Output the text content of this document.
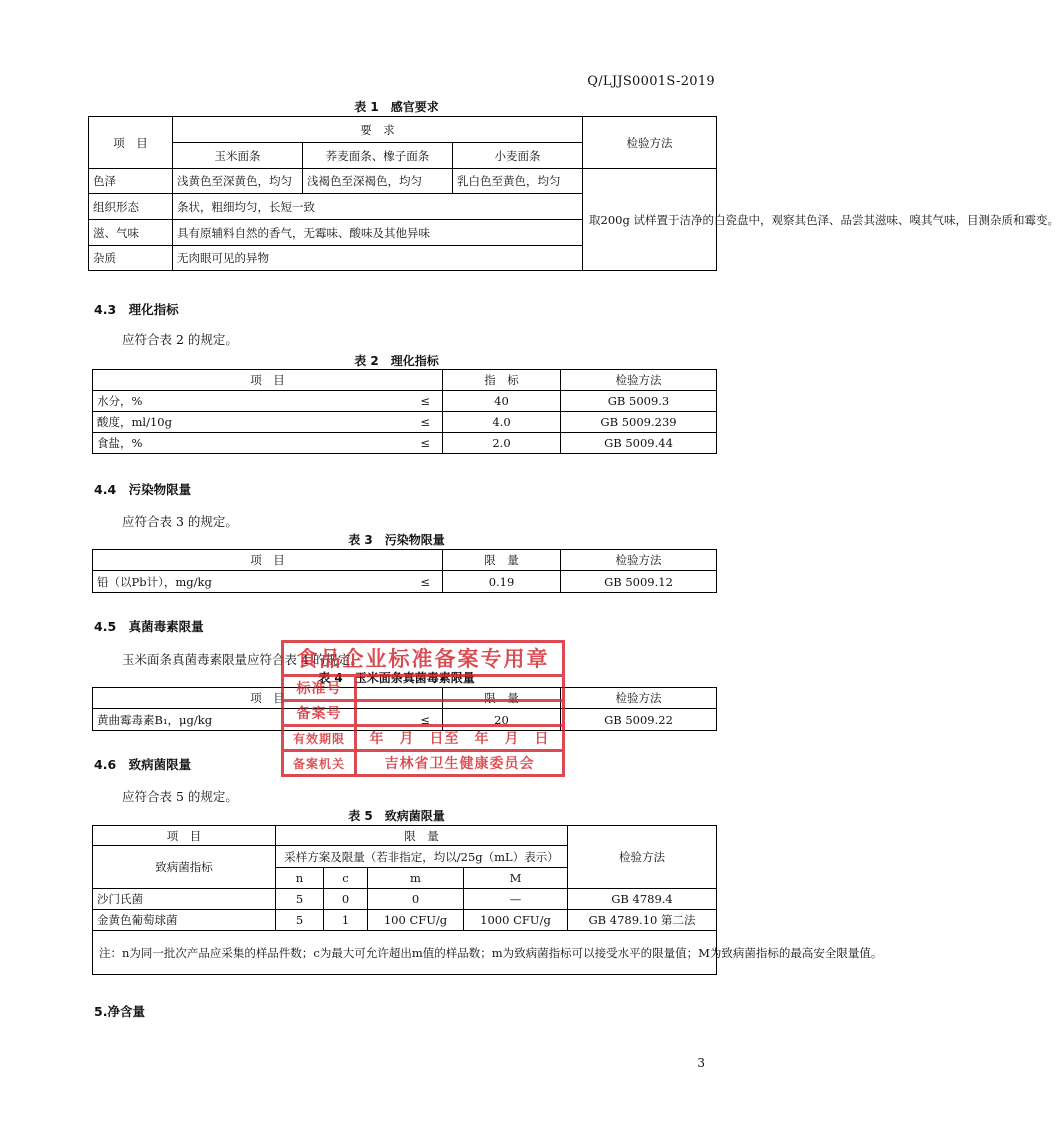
Q/LJJS0001S-2019
表 1　感官要求
项　目	要　求			检验方法
	玉米面条	荞麦面条、橡子面条	小麦面条	
色泽	浅黄色至深黄色，均匀	浅褐色至深褐色，均匀	乳白色至黄色，均匀	取200g 试样置于洁净的白瓷盘中，观察其色泽、品尝其滋味、嗅其气味，目测杂质和霉变。
组织形态	条状，粗细均匀，长短一致			
滋、气味	具有原辅料自然的香气，无霉味、酸味及其他异味			
杂质	无肉眼可见的异物			
4.3　理化指标
应符合表 2 的规定。
表 2　理化指标
项　目	指　标	检验方法
水分，% ≤	40	GB 5009.3
酸度，ml/10g ≤	4.0	GB 5009.239
食盐，% ≤	2.0	GB 5009.44
4.4　污染物限量
应符合表 3 的规定。
表 3　污染物限量
项　目	限　量	检验方法
铅（以Pb计），mg/kg ≤	0.19	GB 5009.12
4.5　真菌毒素限量
玉米面条真菌毒素限量应符合表 4 的规定。
表 4　玉米面条真菌毒素限量
项　目	限　量	检验方法
黄曲霉毒素B₁，μg/kg ≤	20	GB 5009.22
4.6　致病菌限量
应符合表 5 的规定。
表 5　致病菌限量
项　目	限　量				检验方法
致病菌指标	采样方案及限量（若非指定，均以/25g（mL）表示）				
	n	c	m	M	
沙门氏菌	5	0	0	—	GB 4789.4
金黄色葡萄球菌	5	1	100 CFU/g	1000 CFU/g	GB 4789.10 第二法
注：n为同一批次产品应采集的样品件数；c为最大可允许超出m值的样品数；m为致病菌指标可以接受水平的限量值；M为致病菌指标的最高安全限量值。					
5.净含量
食品企业标准备案专用章
标准号	
备案号	
有效期限	年　月　日至　年　月　日
备案机关	吉林省卫生健康委员会
3
